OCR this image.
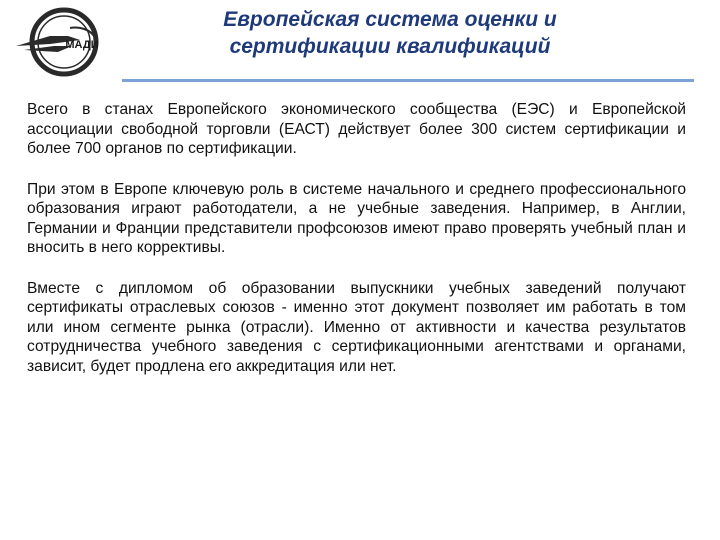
МАДИ
Европейская система оценки и
сертификации квалификаций

Всего в станах Европейского экономического сообщества (ЕЭС) и Европейской ассоциации свободной торговли (ЕАСТ) действует более 300 систем сертификации и более 700 органов по сертификации.

При этом в Европе ключевую роль в системе начального и среднего профессионального образования играют работодатели, а не учебные заведения. Например, в Англии, Германии и Франции представители профсоюзов имеют право проверять учебный план и вносить в него коррективы.

Вместе с дипломом об образовании выпускники учебных заведений получают сертификаты отраслевых союзов - именно этот документ позволяет им работать в том или ином сегменте рынка (отрасли). Именно от активности и качества результатов сотрудничества учебного заведения с сертификационными агентствами и органами, зависит, будет продлена его аккредитация или нет.
